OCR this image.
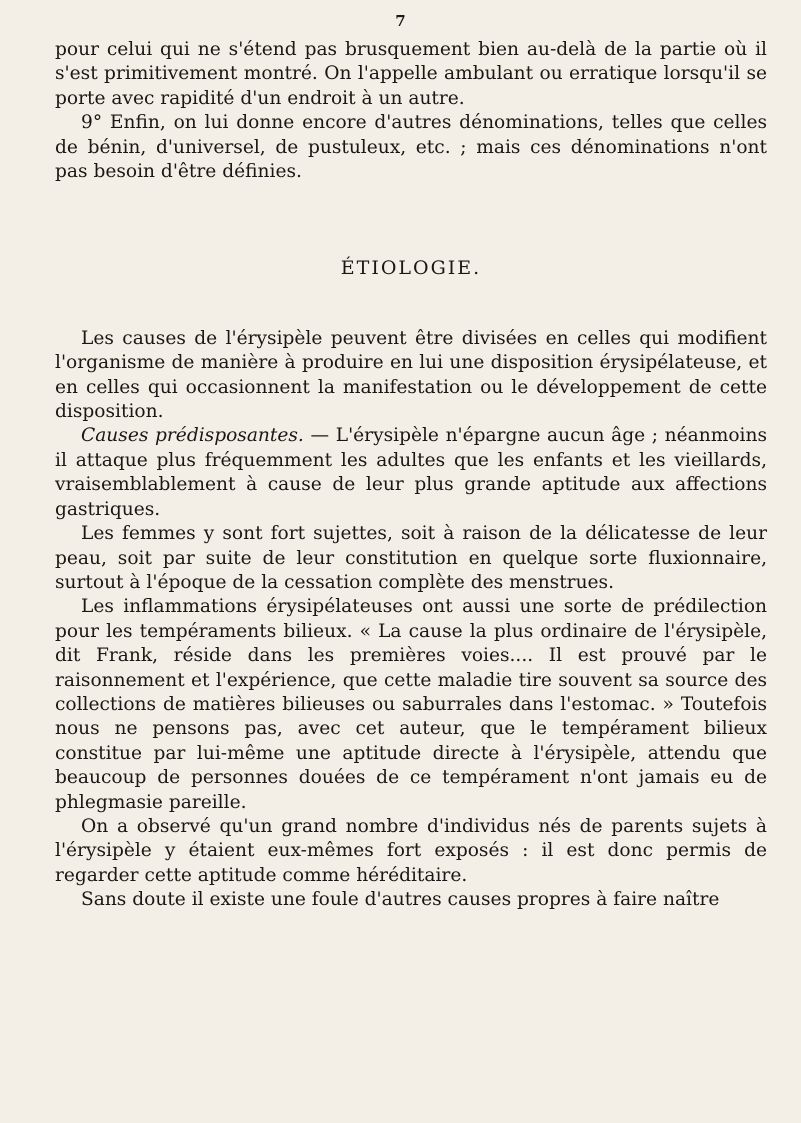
7

pour celui qui ne s'étend pas brusquement bien au-delà de la partie où il s'est primitivement montré. On l'appelle ambulant ou erratique lorsqu'il se porte avec rapidité d'un endroit à un autre.

9° Enfin, on lui donne encore d'autres dénominations, telles que celles de bénin, d'universel, de pustuleux, etc. ; mais ces dénominations n'ont pas besoin d'être définies.

ÉTIOLOGIE.

Les causes de l'érysipèle peuvent être divisées en celles qui modifient l'organisme de manière à produire en lui une disposition érysipélateuse, et en celles qui occasionnent la manifestation ou le développement de cette disposition.

Causes prédisposantes. — L'érysipèle n'épargne aucun âge ; néanmoins il attaque plus fréquemment les adultes que les enfants et les vieillards, vraisemblablement à cause de leur plus grande aptitude aux affections gastriques.

Les femmes y sont fort sujettes, soit à raison de la délicatesse de leur peau, soit par suite de leur constitution en quelque sorte fluxionnaire, surtout à l'époque de la cessation complète des menstrues.

Les inflammations érysipélateuses ont aussi une sorte de prédilection pour les tempéraments bilieux. « La cause la plus ordinaire de l'érysipèle, dit Frank, réside dans les premières voies.... Il est prouvé par le raisonnement et l'expérience, que cette maladie tire souvent sa source des collections de matières bilieuses ou saburrales dans l'estomac. » Toutefois nous ne pensons pas, avec cet auteur, que le tempérament bilieux constitue par lui-même une aptitude directe à l'érysipèle, attendu que beaucoup de personnes douées de ce tempérament n'ont jamais eu de phlegmasie pareille.

On a observé qu'un grand nombre d'individus nés de parents sujets à l'érysipèle y étaient eux-mêmes fort exposés : il est donc permis de regarder cette aptitude comme héréditaire.

Sans doute il existe une foule d'autres causes propres à faire naître
